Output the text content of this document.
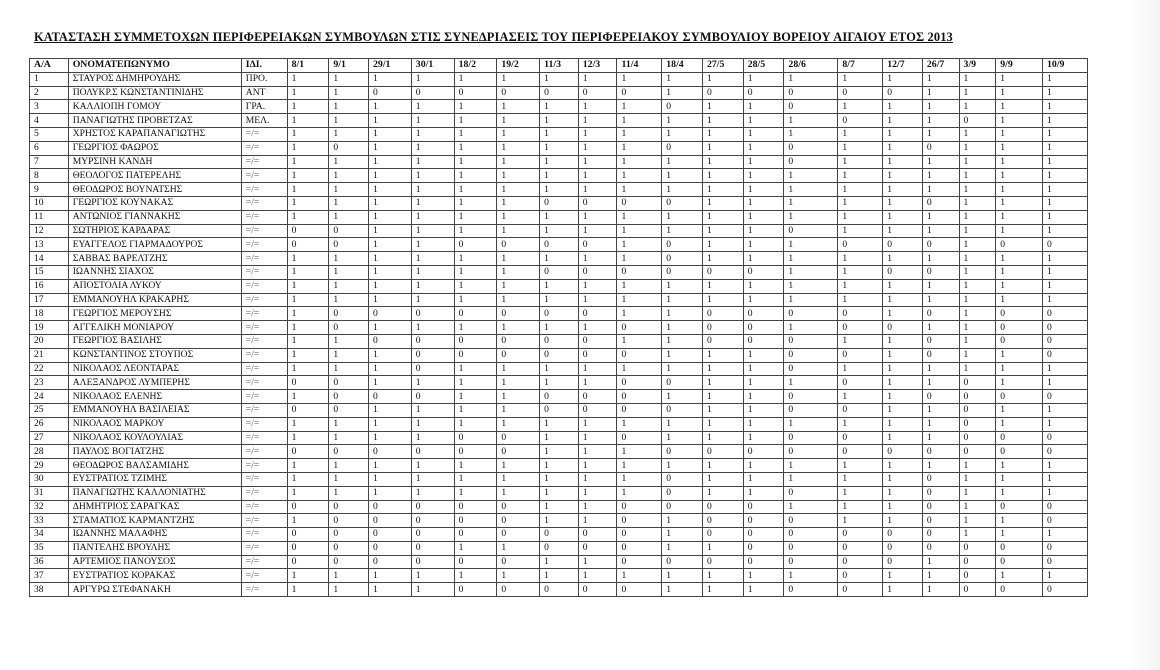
ΚΑΤΑΣΤΑΣΗ ΣΥΜΜΕΤΟΧΩΝ ΠΕΡΙΦΕΡΕΙΑΚΩΝ ΣΥΜΒΟΥΛΩΝ ΣΤΙΣ ΣΥΝΕΔΡΙΑΣΕΙΣ ΤΟΥ ΠΕΡΙΦΕΡΕΙΑΚΟΥ ΣΥΜΒΟΥΛΙΟΥ ΒΟΡΕΙΟΥ ΑΙΓΑΙΟΥ ΕΤΟΣ 2013
Α/Α	ΟΝΟΜΑΤΕΠΩΝΥΜΟ	ΙΔΙ.	8/1	9/1	29/1	30/1	18/2	19/2	11/3	12/3	11/4	18/4	27/5	28/5	28/6	8/7	12/7	26/7	3/9	9/9	10/9
1	ΣΤΑΥΡΟΣ ΔΗΜΗΡΟΥΔΗΣ	ΠΡΟ.	1	1	1	1	1	1	1	1	1	1	1	1	1	1	1	1	1	1	1
2	ΠΟΛΥΚΡ.Σ ΚΩΝΣΤΑΝΤΙΝΙΔΗΣ	ΑΝΤ	1	1	0	0	0	0	0	0	0	1	0	0	0	0	0	1	1	1	1
3	ΚΑΛΛΙΟΠΗ ΓΟΜΟΥ	ΓΡΑ.	1	1	1	1	1	1	1	1	1	0	1	1	0	1	1	1	1	1	1
4	ΠΑΝΑΓΙΩΤΗΣ ΠΡΟΒΕΤΖΑΣ	ΜΕΛ.	1	1	1	1	1	1	1	1	1	1	1	1	1	0	1	1	0	1	1
5	ΧΡΗΣΤΟΣ ΚΑΡΑΠΑΝΑΓΙΩΤΗΣ	=/=	1	1	1	1	1	1	1	1	1	1	1	1	1	1	1	1	1	1	1
6	ΓΕΩΡΓΙΟΣ ΦΑΩΡΟΣ	=/=	1	0	1	1	1	1	1	1	1	0	1	1	0	1	1	0	1	1	1
7	ΜΥΡΣΙΝΗ ΚΑΝΔΗ	=/=	1	1	1	1	1	1	1	1	1	1	1	1	0	1	1	1	1	1	1
8	ΘΕΟΛΟΓΟΣ ΠΑΤΕΡΕΛΗΣ	=/=	1	1	1	1	1	1	1	1	1	1	1	1	1	1	1	1	1	1	1
9	ΘΕΟΔΩΡΟΣ ΒΟΥΝΑΤΣΗΣ	=/=	1	1	1	1	1	1	1	1	1	1	1	1	1	1	1	1	1	1	1
10	ΓΕΩΡΓΙΟΣ ΚΟΥΝΑΚΑΣ	=/=	1	1	1	1	1	1	0	0	0	0	1	1	1	1	1	0	1	1	1
11	ΑΝΤΩΝΙΟΣ ΓΙΑΝΝΑΚΗΣ	=/=	1	1	1	1	1	1	1	1	1	1	1	1	1	1	1	1	1	1	1
12	ΣΩΤΗΡΙΟΣ ΚΑΡΔΑΡΑΣ	=/=	0	0	1	1	1	1	1	1	1	1	1	1	0	1	1	1	1	1	1
13	ΕΥΑΓΓΕΛΟΣ ΓΙΑΡΜΑΔΟΥΡΟΣ	=/=	0	0	1	1	0	0	0	0	1	0	1	1	1	0	0	0	1	0	0
14	ΣΑΒΒΑΣ ΒΑΡΕΛΤΖΗΣ	=/=	1	1	1	1	1	1	1	1	1	0	1	1	1	1	1	1	1	1	1
15	ΙΩΑΝΝΗΣ ΣΙΑΧΟΣ	=/=	1	1	1	1	1	1	0	0	0	0	0	0	1	1	0	0	1	1	1
16	ΑΠΟΣΤΟΛΙΑ ΛΥΚΟΥ	=/=	1	1	1	1	1	1	1	1	1	1	1	1	1	1	1	1	1	1	1
17	ΕΜΜΑΝΟΥΗΛ ΚΡΑΚΑΡΗΣ	=/=	1	1	1	1	1	1	1	1	1	1	1	1	1	1	1	1	1	1	1
18	ΓΕΩΡΓΙΟΣ ΜΕΡΟΥΣΗΣ	=/=	1	0	0	0	0	0	0	0	1	1	0	0	0	0	1	0	1	0	0
19	ΑΓΓΕΛΙΚΗ ΜΟΝΙΑΡΟΥ	=/=	1	0	1	1	1	1	1	1	0	1	0	0	1	0	0	1	1	0	0
20	ΓΕΩΡΓΙΟΣ ΒΑΣΙΛΗΣ	=/=	1	1	0	0	0	0	0	0	1	1	0	0	0	1	1	0	1	0	0
21	ΚΩΝΣΤΑΝΤΙΝΟΣ ΣΤΟΥΠΟΣ	=/=	1	1	1	0	0	0	0	0	0	1	1	1	0	0	1	0	1	1	0
22	ΝΙΚΟΛΑΟΣ ΛΕΟΝΤΑΡΑΣ	=/=	1	1	1	0	1	1	1	1	1	1	1	1	0	1	1	1	1	1	1
23	ΑΛΕΞΑΝΔΡΟΣ ΛΥΜΠΕΡΗΣ	=/=	0	0	1	1	1	1	1	1	0	0	1	1	1	0	1	1	0	1	1
24	ΝΙΚΟΛΑΟΣ ΕΛΕΝΗΣ	=/=	1	0	0	0	1	1	0	0	0	1	1	1	0	1	1	0	0	0	0
25	ΕΜΜΑΝΟΥΗΛ ΒΑΣΙΛΕΙΑΣ	=/=	0	0	1	1	1	1	0	0	0	0	1	1	0	0	1	1	0	1	1
26	ΝΙΚΟΛΑΟΣ ΜΑΡΚΟΥ	=/=	1	1	1	1	1	1	1	1	1	1	1	1	1	1	1	1	0	1	1
27	ΝΙΚΟΛΑΟΣ ΚΟΥΛΟΥΛΙΑΣ	=/=	1	1	1	1	0	0	1	1	0	1	1	1	0	0	1	1	0	0	0
28	ΠΑΥΛΟΣ ΒΟΓΙΑΤΖΗΣ	=/=	0	0	0	0	0	0	1	1	1	0	0	0	0	0	0	0	0	0	0
29	ΘΕΟΔΩΡΟΣ ΒΑΛΣΑΜΙΔΗΣ	=/=	1	1	1	1	1	1	1	1	1	1	1	1	1	1	1	1	1	1	1
30	ΕΥΣΤΡΑΤΙΟΣ ΤΖΙΜΗΣ	=/=	1	1	1	1	1	1	1	1	1	0	1	1	1	1	1	0	1	1	1
31	ΠΑΝΑΓΙΩΤΗΣ ΚΑΛΛΟΝΙΑΤΗΣ	=/=	1	1	1	1	1	1	1	1	1	0	1	1	0	1	1	0	1	1	1
32	ΔΗΜΗΤΡΙΟΣ ΣΑΡΑΓΚΑΣ	=/=	0	0	0	0	0	0	1	1	0	0	0	0	1	1	1	0	1	0	0
33	ΣΤΑΜΑΤΙΟΣ ΚΑΡΜΑΝΤΖΗΣ	=/=	1	0	0	0	0	0	1	1	0	1	0	0	0	1	1	0	1	1	0
34	ΙΩΑΝΝΗΣ ΜΑΛΑΦΗΣ	=/=	0	0	0	0	0	0	0	0	0	1	0	0	0	0	0	0	1	1	1
35	ΠΑΝΤΕΛΗΣ ΒΡΟΥΛΗΣ	=/=	0	0	0	0	1	1	0	0	0	1	1	0	0	0	0	0	0	0	0
36	ΑΡΤΕΜΙΟΣ ΠΑΝΟΥΣΟΣ	=/=	0	0	0	0	0	0	1	1	0	0	0	0	0	0	0	1	0	0	0
37	ΕΥΣΤΡΑΤΙΟΣ ΚΟΡΑΚΑΣ	=/=	1	1	1	1	1	1	1	1	1	1	1	1	1	0	1	1	0	1	1
38	ΑΡΓΥΡΩ ΣΤΕΦΑΝΑΚΗ	=/=	1	1	1	1	0	0	0	0	0	1	1	1	0	0	1	1	0	0	0
